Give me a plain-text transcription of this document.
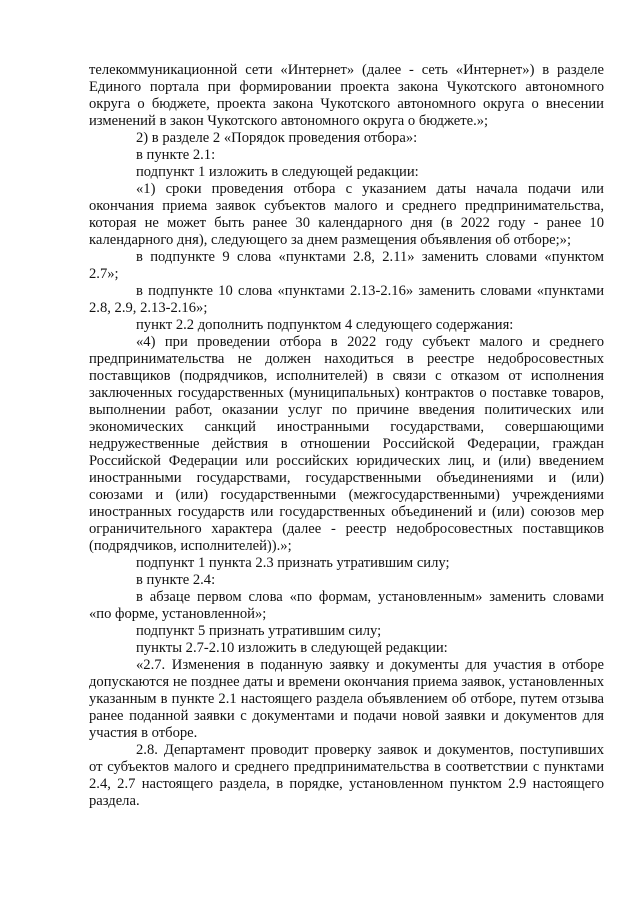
телекоммуникационной сети «Интернет» (далее - сеть «Интернет») в разделе Единого портала при формировании проекта закона Чукотского автономного округа о бюджете, проекта закона Чукотского автономного округа о внесении изменений в закон Чукотского автономного округа о бюджете.»;

2) в разделе 2 «Порядок проведения отбора»:

в пункте 2.1:

подпункт 1 изложить в следующей редакции:

«1) сроки проведения отбора с указанием даты начала подачи или окончания приема заявок субъектов малого и среднего предпринимательства, которая не может быть ранее 30 календарного дня (в 2022 году - ранее 10 календарного дня), следующего за днем размещения объявления об отборе;»;

в подпункте 9 слова «пунктами 2.8, 2.11» заменить словами «пунктом 2.7»;

в подпункте 10 слова «пунктами 2.13-2.16» заменить словами «пунктами 2.8, 2.9, 2.13-2.16»;

пункт 2.2 дополнить подпунктом 4 следующего содержания:

«4) при проведении отбора в 2022 году субъект малого и среднего предпринимательства не должен находиться в реестре недобросовестных поставщиков (подрядчиков, исполнителей) в связи с отказом от исполнения заключенных государственных (муниципальных) контрактов о поставке товаров, выполнении работ, оказании услуг по причине введения политических или экономических санкций иностранными государствами, совершающими недружественные действия в отношении Российской Федерации, граждан Российской Федерации или российских юридических лиц, и (или) введением иностранными государствами, государственными объединениями и (или) союзами и (или) государственными (межгосударственными) учреждениями иностранных государств или государственных объединений и (или) союзов мер ограничительного характера (далее - реестр недобросовестных поставщиков (подрядчиков, исполнителей)).»;

подпункт 1 пункта 2.3 признать утратившим силу;

в пункте 2.4:

в абзаце первом слова «по формам, установленным» заменить словами «по форме, установленной»;

подпункт 5 признать утратившим силу;

пункты 2.7-2.10 изложить в следующей редакции:

«2.7. Изменения в поданную заявку и документы для участия в отборе допускаются не позднее даты и времени окончания приема заявок, установленных указанным в пункте 2.1 настоящего раздела объявлением об отборе, путем отзыва ранее поданной заявки с документами и подачи новой заявки и документов для участия в отборе.

2.8. Департамент проводит проверку заявок и документов, поступивших от субъектов малого и среднего предпринимательства в соответствии с пунктами 2.4, 2.7 настоящего раздела, в порядке, установленном пунктом 2.9 настоящего раздела.
